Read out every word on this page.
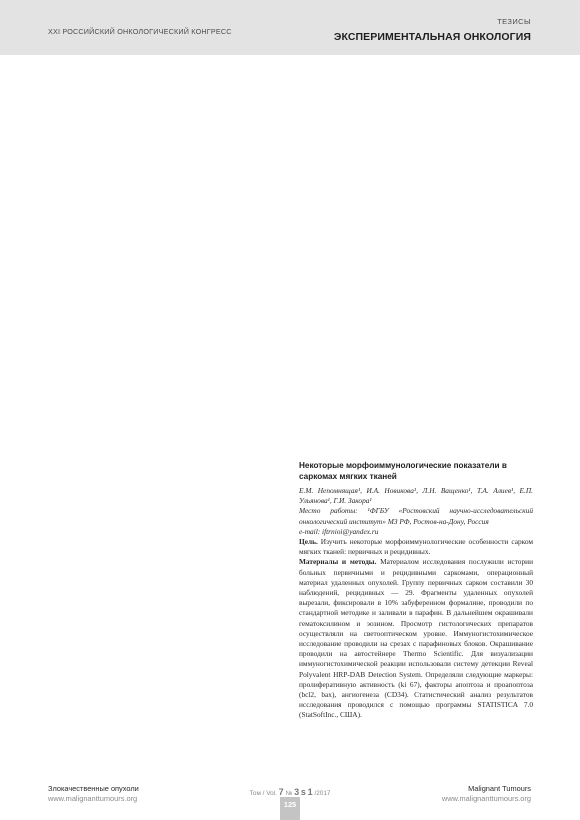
XXI РОССИЙСКИЙ ОНКОЛОГИЧЕСКИЙ КОНГРЕСС
ТЕЗИСЫ
ЭКСПЕРИМЕНТАЛЬНАЯ ОНКОЛОГИЯ
Некоторые морфоиммунологические показатели в саркомах мягких тканей
Е.М. Непомнящая¹, И.А. Новикова¹, Л.Н. Ващенко¹, Т.А. Алиев¹, Е.П. Ульянова¹, Г.И. Закора¹
Место работы: ¹ФГБУ «Ростовский научно-исследовательский онкологический институт» МЗ РФ, Ростов-на-Дону, Россия
e-mail: iftrnioi@yandex.ru
Цель. Изучить некоторые морфоиммунологические особенности сарком мягких тканей: первичных и рецидивных.
Материалы и методы. Материалом исследования послужили истории больных первичными и рецидивными саркомами, операционный материал удаленных опухолей. Группу первичных сарком составили 30 наблюдений, рецидивных — 29. Фрагменты удаленных опухолей вырезали, фиксировали в 10% забуференном формалине, проводили по стандартной методике и заливали в парафин. В дальнейшем окрашивали гематоксилином и эозином. Просмотр гистологических препаратов осуществляли на светооптическом уровне. Иммуногистохимическое исследование проводили на срезах с парафиновых блоков. Окрашивание проводили на автостейнере Thermo Scientific. Для визуализации иммуногистохимической реакции использовали систему детекции Reveal Polyvalent HRP-DAB Detection System. Определяли следующие маркеры: пролиферативную активность (ki 67), факторы апоптоза и проапоптоза (bcl2, bax), ангиогенеза (CD34). Статистический анализ результатов исследования проводился с помощью программы STATISTICA 7.0 (StatSoftInc., США).
Злокачественные опухоли
www.malignanttumours.org	Том / Vol. 7 № 3 s 1 /2017
Malignant Tumours
www.malignanttumours.org
125
